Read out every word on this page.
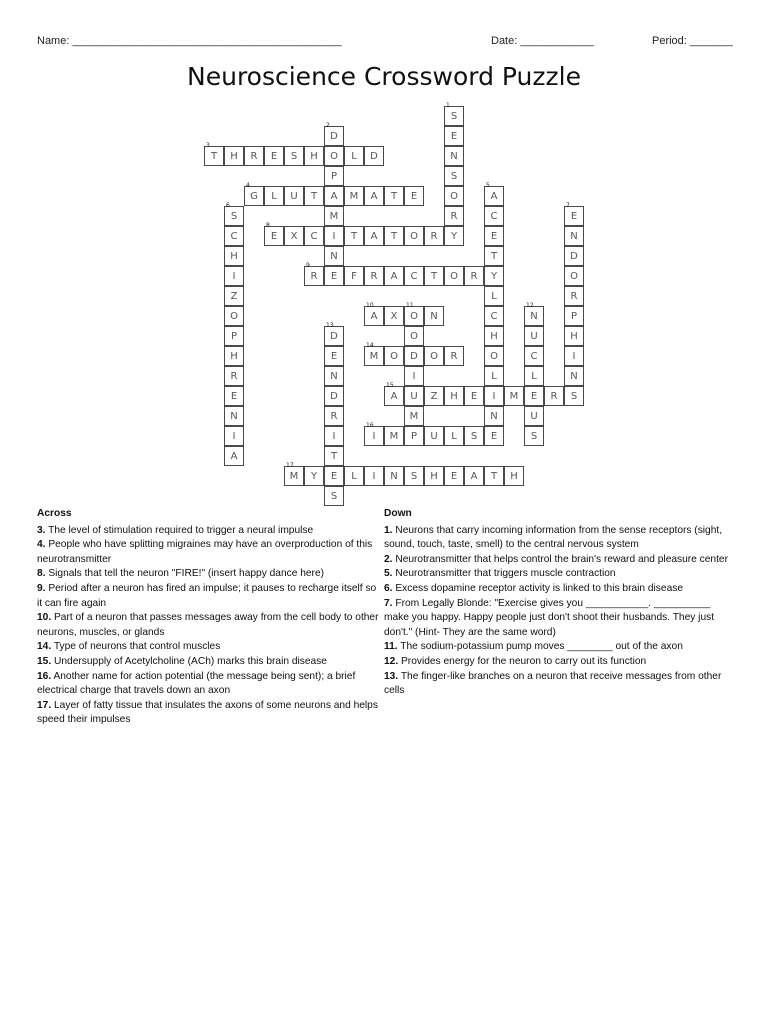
Name: ____________________________________________	Date: ____________	Period: _______
Neuroscience Crossword Puzzle
S
1
E
N
S
O
R
Y
D
2
O
P
A
M
I
N
E
T
3
H	R	E	S	H	L	D
G
4
L	U	T	M	A	T	E	A
5
C
E
T
Y
L
C
H
O
L
I
N
E
S
6
C
H
I
Z
O
P
H
R
E
N
I
A
E
7
N
D
O
R
P
H
I
N
S
E
8
X	C	T	A	T	O	R
R
9
F	R	A	C	T	O	R
A
10
X	O
11
N
O
D
I
U
M
N
12
U
C
L
E
U
S
D
13
E
N
D
R
I
T
E
S
M
14
O	O	R
A
15
Z	H	E	M	R
I
16
M	P	U	L	S
M
17
Y	L	I	N	S	H	E	A	T	H
Across
3. The level of stimulation required to trigger a neural impulse
4. People who have splitting migraines may have an overproduction of this neurotransmitter
8. Signals that tell the neuron "FIRE!" (insert happy dance here)
9. Period after a neuron has fired an impulse; it pauses to recharge itself so it can fire again
10. Part of a neuron that passes messages away from the cell body to other neurons, muscles, or glands
14. Type of neurons that control muscles
15. Undersupply of Acetylcholine (ACh) marks this brain disease
16. Another name for action potential (the message being sent); a brief electrical charge that travels down an axon
17. Layer of fatty tissue that insulates the axons of some neurons and helps speed their impulses
Down
1. Neurons that carry incoming information from the sense receptors (sight, sound, touch, taste, smell) to the central nervous system
2. Neurotransmitter that helps control the brain's reward and pleasure center
5. Neurotransmitter that triggers muscle contraction
6. Excess dopamine receptor activity is linked to this brain disease
7. From Legally Blonde: "Exercise gives you ___________. __________ make you happy. Happy people just don't shoot their husbands. They just don't." (Hint- They are the same word)
11. The sodium-potassium pump moves ________ out of the axon
12. Provides energy for the neuron to carry out its function
13. The finger-like branches on a neuron that receive messages from other cells
